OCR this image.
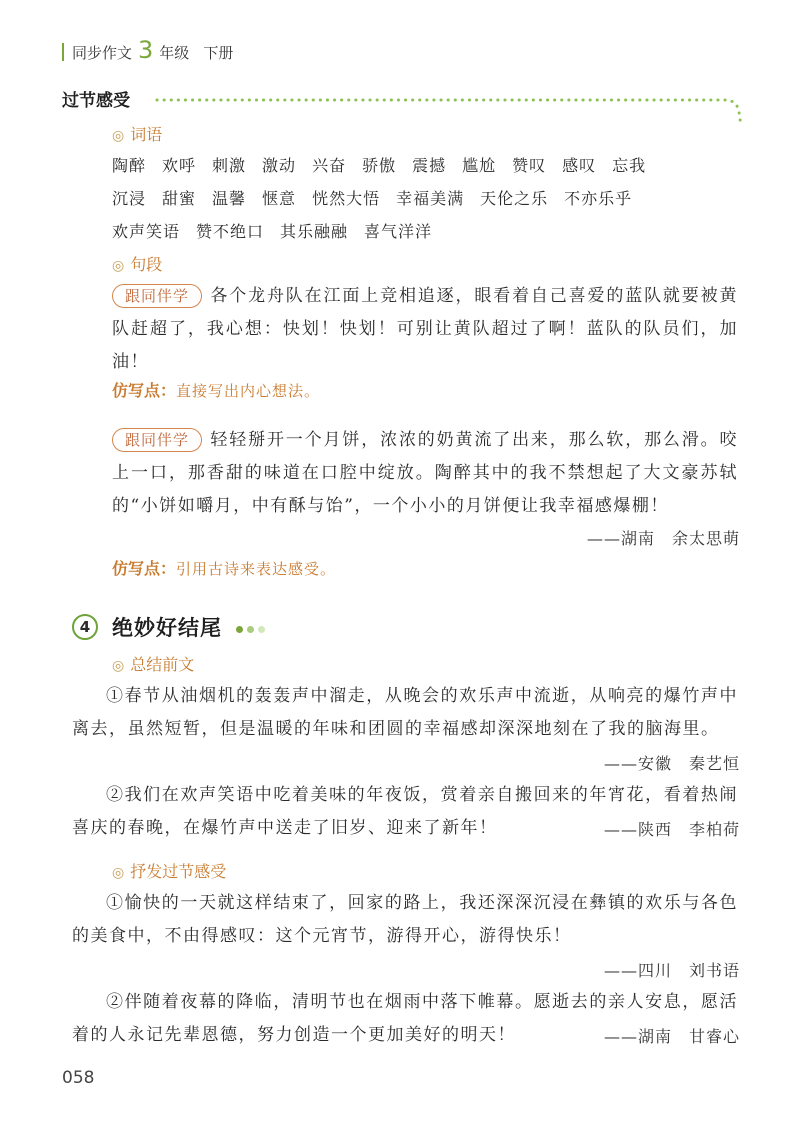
同步作文 3 年级 下册
过节感受
◎ 词语
陶醉 欢呼 刺激 激动 兴奋 骄傲 震撼 尴尬 赞叹 感叹 忘我
沉浸 甜蜜 温馨 惬意 恍然大悟 幸福美满 天伦之乐 不亦乐乎
欢声笑语 赞不绝口 其乐融融 喜气洋洋
◎ 句段
跟同伴学 各个龙舟队在江面上竞相追逐，眼看着自己喜爱的蓝队就要被黄队赶超了，我心想：快划！快划！可别让黄队超过了啊！蓝队的队员们，加油！
仿写点：直接写出内心想法。
跟同伴学 轻轻掰开一个月饼，浓浓的奶黄流了出来，那么软，那么滑。咬上一口，那香甜的味道在口腔中绽放。陶醉其中的我不禁想起了大文豪苏轼的“小饼如嚼月，中有酥与饴”，一个小小的月饼便让我幸福感爆棚！
——湖南　余太思萌
仿写点：引用古诗来表达感受。
4	绝妙好结尾
◎ 总结前文
①春节从油烟机的轰轰声中溜走，从晚会的欢乐声中流逝，从响亮的爆竹声中离去，虽然短暂，但是温暖的年味和团圆的幸福感却深深地刻在了我的脑海里。
——安徽　秦艺恒
②我们在欢声笑语中吃着美味的年夜饭，赏着亲自搬回来的年宵花，看着热闹喜庆的春晚，在爆竹声中送走了旧岁、迎来了新年！	——陕西　李柏荷
◎ 抒发过节感受
①愉快的一天就这样结束了，回家的路上，我还深深沉浸在彝镇的欢乐与各色的美食中，不由得感叹：这个元宵节，游得开心，游得快乐！
——四川　刘书语
②伴随着夜幕的降临，清明节也在烟雨中落下帷幕。愿逝去的亲人安息，愿活着的人永记先辈恩德，努力创造一个更加美好的明天！	——湖南　甘睿心
058
